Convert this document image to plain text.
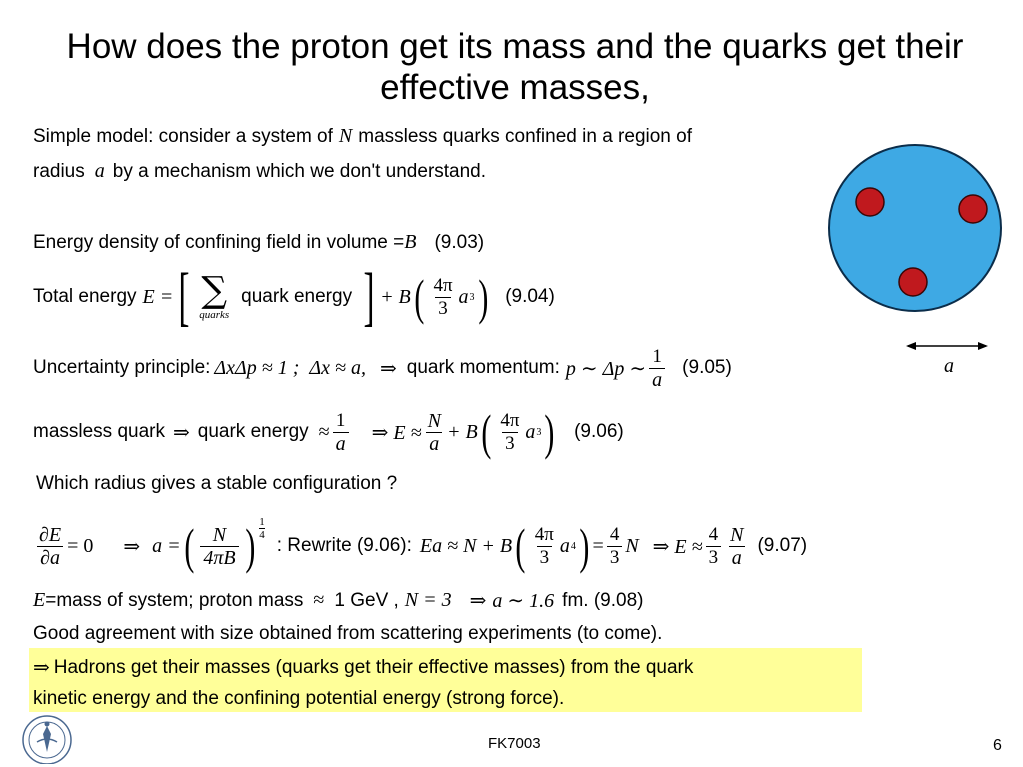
How does the proton get its mass and the quarks get their effective masses,
Simple model: consider a system of N massless quarks confined in a region of
radius a by a mechanism which we don't understand.
Energy density of confining field in volume = B (9.03)
Total energy E = [ ∑
quarks
quark energy ] + B ( $\frac{4\pi}{3}$ a 3 ) (9.04)
Uncertainty principle: ΔxΔp ≈ 1 ; Δx ≈ a, ⇒ quark momentum: p ∼ Δp ∼ $\frac{1}{a} (9.05)$
massless quark ⇒ quark energy ≈ $\frac{1}{a}$ ⇒ $E \approx \frac{N}{a} + B$ ( $\frac{4\pi}{3}$ a 3 ) (9.06)
Which radius gives a stable configuration ?
$\frac{\partial E}{\partial a} = 0$ ⇒ a = ( $\frac{N}{4\pi B}$ ) 1
4
: Rewrite (9.06): Ea ≈ N + B ( $\frac{4\pi}{3}$ a 4 ) = $\frac{4}{3}$ N ⇒ $E \approx \frac{4}{3} \frac{N}{a} (9.07)$
E =mass of system; proton mass ≈ 1 GeV , N = 3 ⇒ a ∼ 1.6 fm. (9.08)
Good agreement with size obtained from scattering experiments (to come).
⇒ Hadrons get their masses (quarks get their effective masses) from the quark
kinetic energy and the confining potential energy (strong force).
a
FK7003	6
